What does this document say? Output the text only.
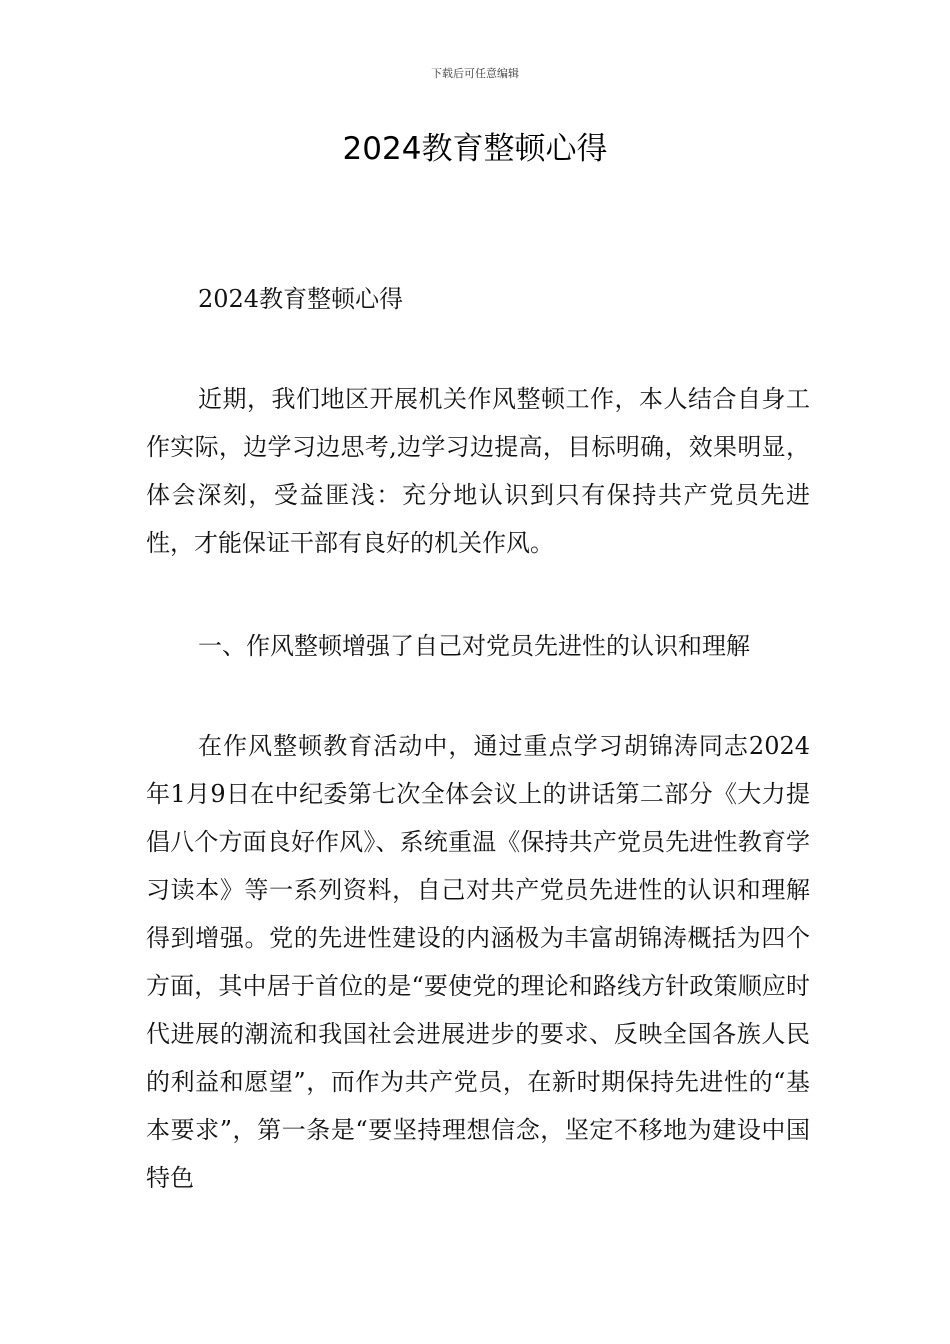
下载后可任意编辑
2024教育整顿心得

2024教育整顿心得

近期，我们地区开展机关作风整顿工作，本人结合自身工作实际，边学习边思考,边学习边提高，目标明确，效果明显，体会深刻，受益匪浅：充分地认识到只有保持共产党员先进性，才能保证干部有良好的机关作风。

一、作风整顿增强了自己对党员先进性的认识和理解

在作风整顿教育活动中，通过重点学习胡锦涛同志2024年1月9日在中纪委第七次全体会议上的讲话第二部分《大力提倡八个方面良好作风》、系统重温《保持共产党员先进性教育学习读本》等一系列资料，自己对共产党员先进性的认识和理解得到增强。党的先进性建设的内涵极为丰富胡锦涛概括为四个方面，其中居于首位的是“要使党的理论和路线方针政策顺应时代进展的潮流和我国社会进展进步的要求、反映全国各族人民的利益和愿望”，而作为共产党员，在新时期保持先进性的“基本要求”，第一条是“要坚持理想信念，坚定不移地为建设中国特色
